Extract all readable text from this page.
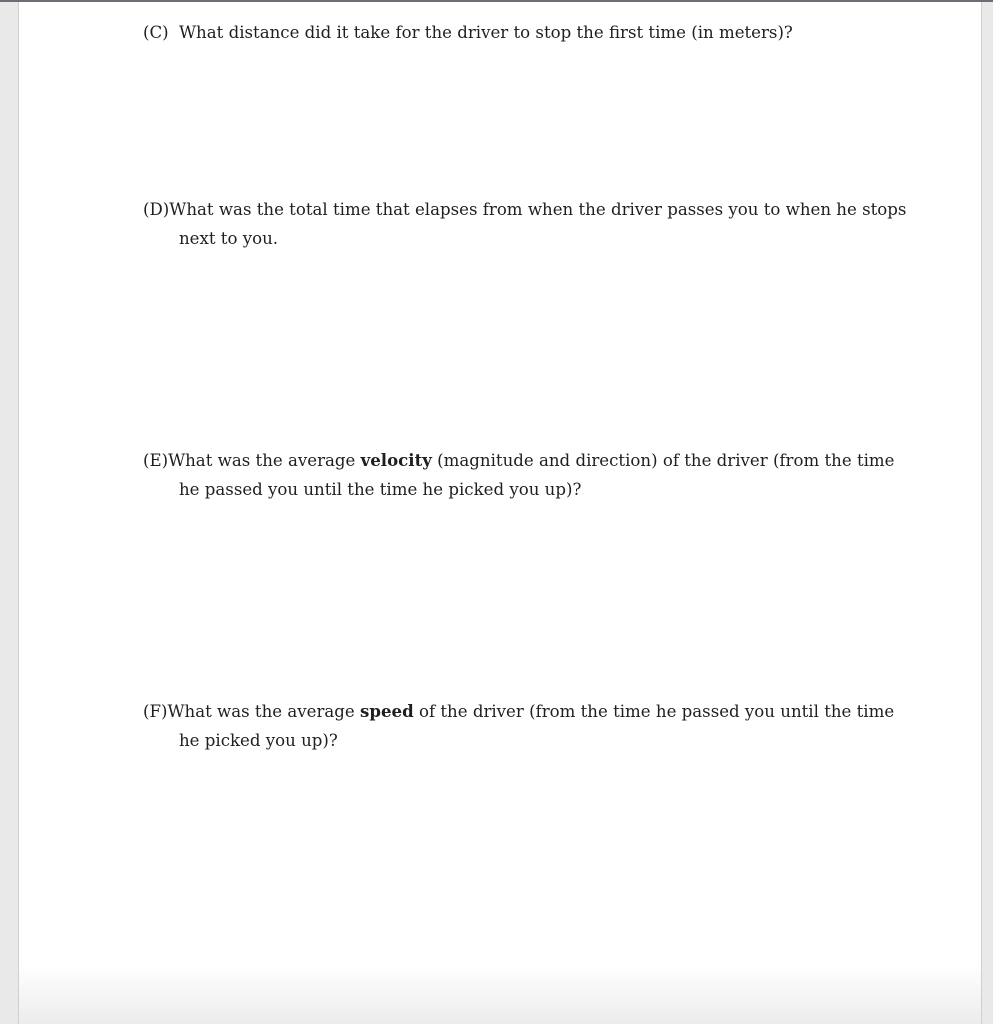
(C) What distance did it take for the driver to stop the first time (in meters)?
(D) What was the total time that elapses from when the driver passes you to when he stops
next to you.
(E) What was the average velocity (magnitude and direction) of the driver (from the time
he passed you until the time he picked you up)?
(F) What was the average speed of the driver (from the time he passed you until the time
he picked you up)?
